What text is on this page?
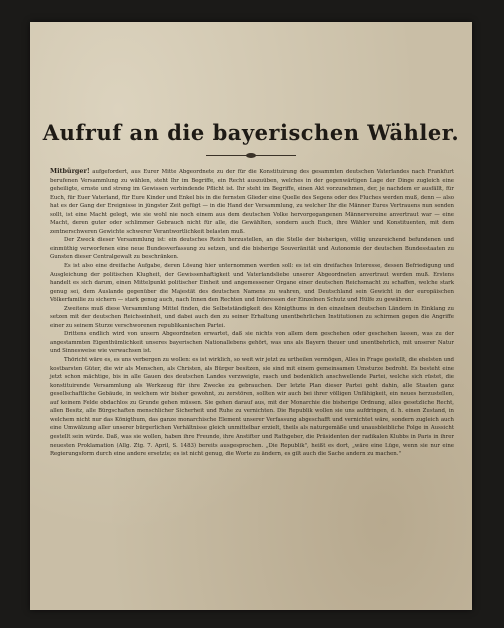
Aufruf an die bayerischen Wähler.

Mitbürger! aufgefordert, aus Eurer Mitte Abgeordnete zu der für die Konstituirung des gesammten deutschen Vaterlandes nach Frankfurt berufenen Versammlung zu wählen, steht Ihr im Begriffe, ein Recht auszuüben, welches in der gegenwärtigen Lage der Dinge zugleich eine geheiligte, ernste und streng im Gewissen verbindende Pflicht ist. Ihr steht im Begriffe, einen Akt vorzunehmen, der, je nachdem er ausfällt, für Euch, für Euer Vaterland, für Eure Kinder und Enkel bis in die fernsten Glieder eine Quelle des Segens oder des Fluches werden muß, denn — also hat es der Gang der Ereignisse in jüngster Zeit gefügt — in die Hand der Versammlung, zu welcher Ihr die Männer Eures Vertrauens nun senden sollt, ist eine Macht gelegt, wie sie wohl nie noch einem aus dem deutschen Volke hervorgegangenen Männervereine anvertraut war — eine Macht, deren guter oder schlimmer Gebrauch nicht für alle, die Gewählten, sondern auch Euch, ihre Wähler und Konstituenten, mit dem zentnerschweren Gewichte schwerer Verantwortlichkeit belasten muß.

Der Zweck dieser Versammlung ist: ein deutsches Reich herzustellen, an die Stelle der bisherigen, völlig unzureichend befundenen und einmüthig verworfenen eine neue Bundesverfassung zu setzen, und die bisherige Souveränität und Autonomie der deutschen Bundesstaaten zu Gunsten dieser Centralgewalt zu beschränken.

Es ist also eine dreifache Aufgabe, deren Lösung hier unternommen werden soll: es ist ein dreifaches Interesse, dessen Befriedigung und Ausgleichung der politischen Klugheit, der Gewissenhaftigkeit und Vaterlandsliebe unserer Abgeordneten anvertraut werden muß. Erstens handelt es sich darum, einen Mittelpunkt politischer Einheit und angemessener Organe einer deutschen Reichsmacht zu schaffen, welche stark genug sei, dem Auslande gegenüber die Majestät des deutschen Namens zu wahren, und Deutschland sein Gewicht in der europäischen Völkerfamilie zu sichern — stark genug auch, nach Innen den Rechten und Interessen der Einzelnen Schutz und Hülfe zu gewähren.

Zweitens muß diese Versammlung Mittel finden, die Selbstständigkeit des Königthums in den einzelnen deutschen Ländern in Einklang zu setzen mit der deutschen Reichseinheit, und dabei auch den zu seiner Erhaltung unentbehrlichen Institutionen zu schirmen gegen die Angriffe einer zu seinem Sturze verschworenen republikanischen Partei.

Drittens endlich wird von unsern Abgeordneten erwartet, daß sie nichts von allem dem geschehen oder geschehen lassen, was zu der angestammten Eigenthümlichkeit unseres bayerischen Nationallebens gehört, was uns als Bayern theuer und unentbehrlich, mit unserer Natur und Sinnesweise wie verwachsen ist.

Thöricht wäre es, es uns verbergen zu wollen: es ist wirklich, so weit wir jetzt zu urtheilen vermögen, Alles in Frage gestellt, die ehelsten und kostbarsten Güter, die wir als Menschen, als Christen, als Bürger besitzen, sie sind mit einem gemeinsamen Umsturze bedroht. Es besteht eine jetzt schon mächtige, bis in alle Gauen des deutschen Landes verzweigte, rasch und bedenklich anschwellende Partei, welche sich rüstet, die konstituirende Versammlung als Werkzeug für ihre Zwecke zu gebrauchen. Der letzte Plan dieser Partei geht dahin, alle Staaten ganz gesellschaftliche Gebäude, in welchem wir bisher gewohnt, zu zerstören, sollten wir auch bei ihrer völligen Unfähigkeit, ein neues herzustellen, auf keinem Felde obdachlos zu Grunde gehen müssen. Sie gehen darauf aus, mit der Monarchie die bisherige Ordnung, alles gesetzliche Recht, allen Besitz, alle Bürgschaften menschlicher Sicherheit und Ruhe zu vernichten. Die Republik wollen sie uns aufdringen, d. h. einen Zustand, in welchem nicht nur das Königthum, das ganze monarchische Element unserer Verfassung abgeschafft und vernichtet wäre, sondern zugleich auch eine Umwälzung aller unserer bürgerlichen Verhältnisse gleich unmittelbar erzielt, theils als naturgemäße und unausbleibliche Folge in Aussicht gestellt sein würde. Daß, was sie wollen, haben ihre Freunde, ihre Anstifter und Rathgeber, die Präsidenten der radikalen Klubbs in Paris in ihrer neuesten Proklamation (Allg. Ztg. 7. April, S. 1483) bereits ausgesprochen. „Die Republik", heißt es dort, „wäre eine Lüge, wenn sie nur eine Regierungsform durch eine andere ersetzte; es ist nicht genug, die Worte zu ändern, es gilt auch die Sache andern zu machen."
